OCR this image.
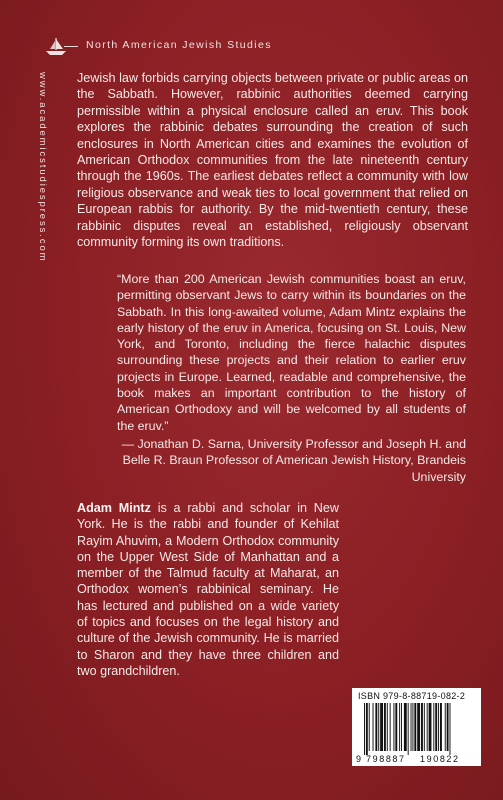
North American Jewish Studies
www.academicstudiespress.com Jewish law forbids carrying objects between private or public areas on the Sabbath. However, rabbinic authorities deemed carrying permissible within a physical enclosure called an eruv. This book explores the rabbinic debates surrounding the creation of such enclosures in North American cities and examines the evolution of American Orthodox communities from the late nineteenth century through the 1960s. The earliest debates reflect a community with low religious observance and weak ties to local government that relied on European rabbis for authority. By the mid-twentieth century, these rabbinic disputes reveal an established, religiously observant community forming its own traditions.

“More than 200 American Jewish communities boast an eruv, permitting observant Jews to carry within its boundaries on the Sabbath. In this long-awaited volume, Adam Mintz explains the early history of the eruv in America, focusing on St. Louis, New York, and Toronto, including the fierce halachic disputes surrounding these projects and their relation to earlier eruv projects in Europe. Learned, readable and comprehensive, the book makes an important contribution to the history of American Orthodoxy and will be welcomed by all students of the eruv.”

— Jonathan D. Sarna, University Professor and Joseph H. and Belle R. Braun Professor of American Jewish History, Brandeis University

Adam Mintz is a rabbi and scholar in New York. He is the rabbi and founder of Kehilat Rayim Ahuvim, a Modern Orthodox community on the Upper West Side of Manhattan and a member of the Talmud faculty at Maharat, an Orthodox women’s rabbinical seminary. He has lectured and published on a wide variety of topics and focuses on the legal history and culture of the Jewish community. He is married to Sharon and they have three children and two grandchildren.

ISBN 979-8-88719-082-2
9 798887 190822
